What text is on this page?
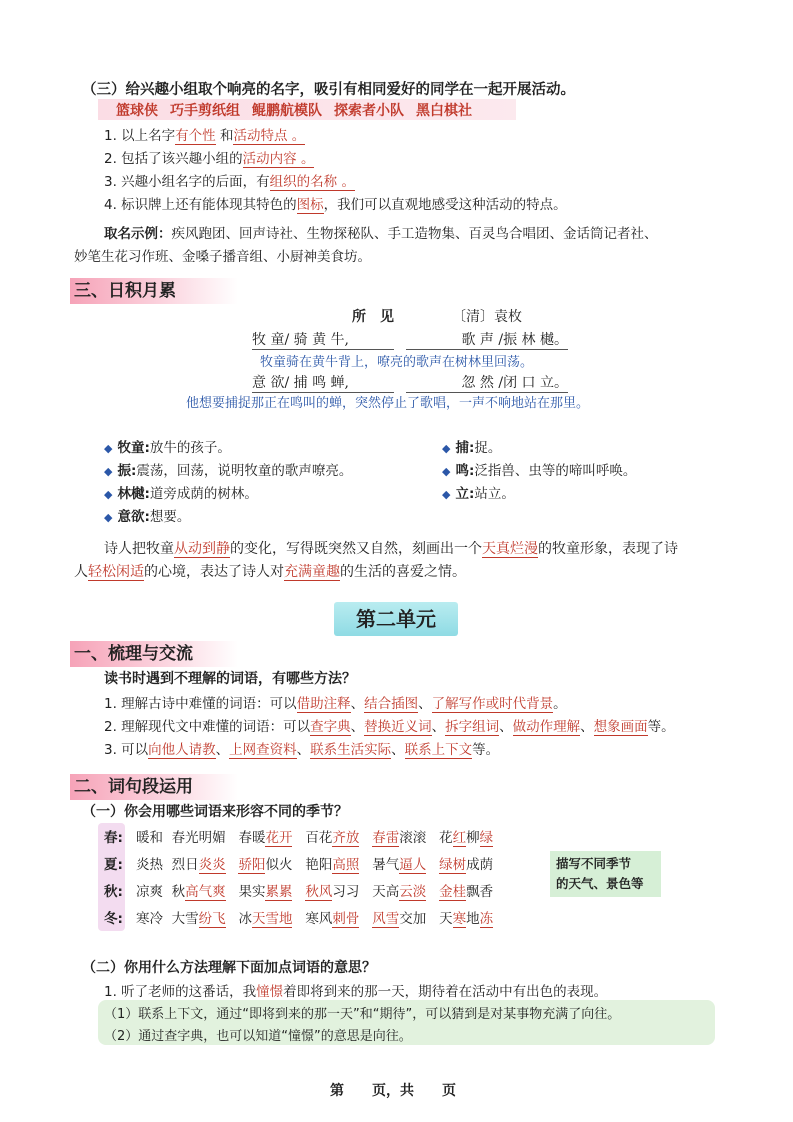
（三）给兴趣小组取个响亮的名字，吸引有相同爱好的同学在一起开展活动。
篮球侠 巧手剪纸组 鲲鹏航模队 探索者小队 黑白棋社
1. 以上名字有个性 和活动特点 。
2. 包括了该兴趣小组的活动内容 。
3. 兴趣小组名字的后面，有组织的名称 。
4. 标识牌上还有能体现其特色的图标，我们可以直观地感受这种活动的特点。
取名示例：疾风跑团、回声诗社、生物探秘队、手工造物集、百灵鸟合唱团、金话筒记者社、
妙笔生花习作班、金嗓子播音组、小厨神美食坊。
三、日积月累
所　见	〔清〕袁枚
牧 童/ 骑 黄 牛,	歌 声 /振 林 樾。
牧童骑在黄牛背上，嘹亮的歌声在树林里回荡。
意 欲/ 捕 鸣 蝉,	忽 然 /闭 口 立。
他想要捕捉那正在鸣叫的蝉，突然停止了歌唱，一声不响地站在那里。
◆ 牧童:放牛的孩子。
◆ 振:震荡，回荡，说明牧童的歌声嘹亮。
◆ 林樾:道旁成荫的树林。
◆ 意欲:想要。
◆ 捕:捉。
◆ 鸣:泛指兽、虫等的啼叫呼唤。
◆ 立:站立。
诗人把牧童从动到静的变化，写得既突然又自然，刻画出一个天真烂漫的牧童形象，表现了诗
人轻松闲适的心境，表达了诗人对充满童趣的生活的喜爱之情。
第二单元
一、梳理与交流
读书时遇到不理解的词语，有哪些方法？
1. 理解古诗中难懂的词语：可以借助注释、结合插图、了解写作或时代背景。
2. 理解现代文中难懂的词语：可以查字典、替换近义词、拆字组词、做动作理解、想象画面等。
3. 可以向他人请教、上网查资料、联系生活实际、联系上下文等。
二、词句段运用
（一）你会用哪些词语来形容不同的季节？
春: 暖和 春光明媚 春暖花开 百花齐放 春雷滚滚 花红柳绿
夏: 炎热 烈日炎炎 骄阳似火 艳阳高照 暑气逼人 绿树成荫
秋: 凉爽 秋高气爽 果实累累 秋风习习 天高云淡 金桂飘香
冬: 寒冷 大雪纷飞 冰天雪地 寒风刺骨 风雪交加 天寒地冻
描写不同季节
的天气、景色等
（二）你用什么方法理解下面加点词语的意思？
1. 听了老师的这番话，我憧憬着即将到来的那一天，期待着在活动中有出色的表现。
（1）联系上下文，通过“即将到来的那一天”和“期待”，可以猜到是对某事物充满了向往。
（2）通过查字典，也可以知道“憧憬”的意思是向往。
第　　页，共　　页
